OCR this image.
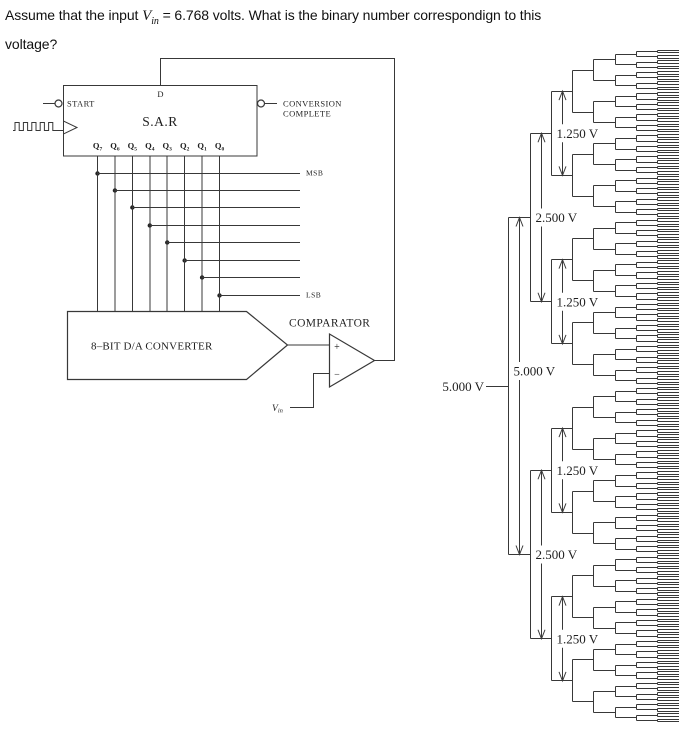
Assume that the input $V_{in} = 6.768$ volts. What is the binary number correspondign to this
voltage?
D
START
S.A.R
CONVERSION
COMPLETE
$Q_7$ $Q_6$ $Q_5$ $Q_4$ $Q_3$ $Q_2$ $Q_1$ $Q_0$
MSB
LSB
8–BIT D/A CONVERTER
COMPARATOR
+
−
Vin
5.000 V
2.500 V
2.500 V
1.250 V
1.250 V
1.250 V
1.250 V
5.000 V
